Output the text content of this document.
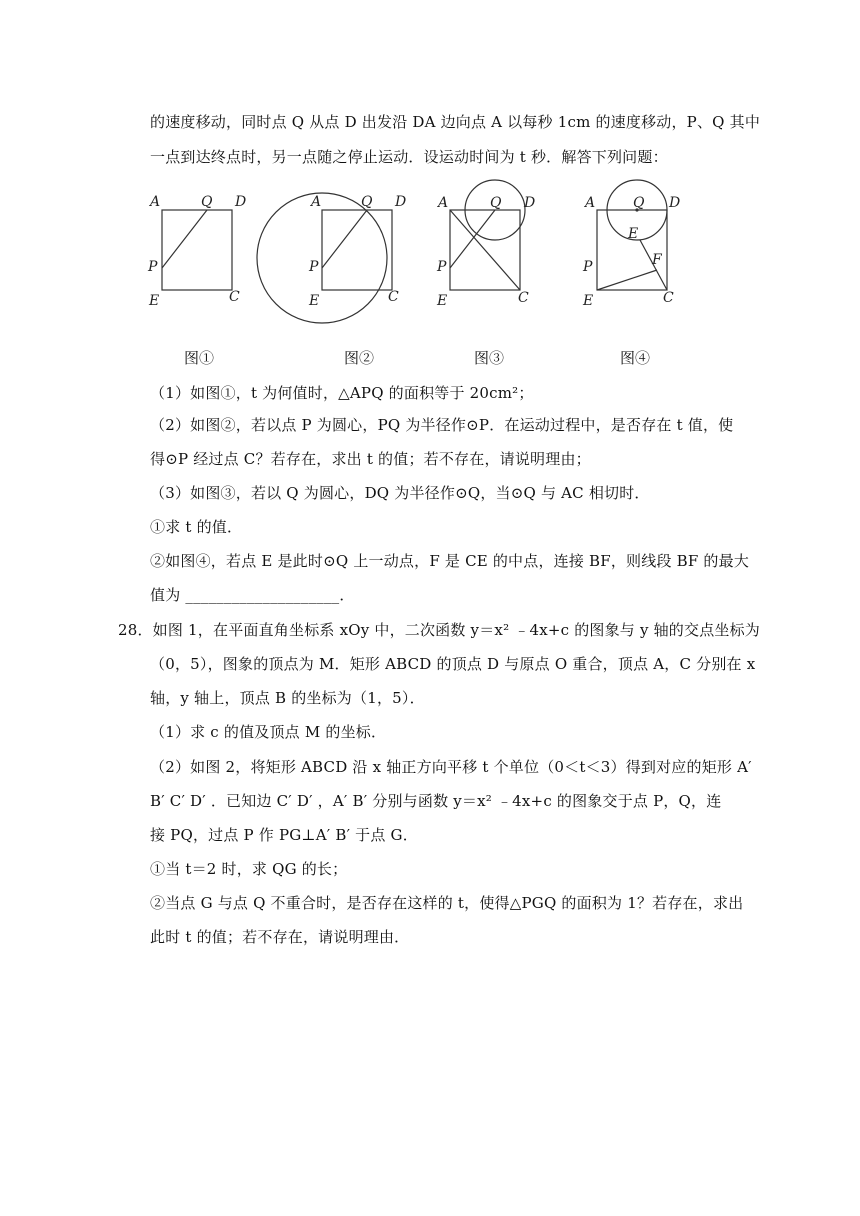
的速度移动，同时点 Q 从点 D 出发沿 DA 边向点 A 以每秒 1cm 的速度移动，P、Q 其中
一点到达终点时，另一点随之停止运动．设运动时间为 t 秒．解答下列问题：
A	Q D
P
E	C
A	Q D
P
E	C
A	Q D
P
E	C
A	Q D
E
F
P
E	C
图①	图②	图③	图④
（1）如图①，t 为何值时，△APQ 的面积等于 20cm²；
（2）如图②，若以点 P 为圆心，PQ 为半径作⊙P．在运动过程中，是否存在 t 值，使
得⊙P 经过点 C？若存在，求出 t 的值；若不存在，请说明理由；
（3）如图③，若以 Q 为圆心，DQ 为半径作⊙Q，当⊙Q 与 AC 相切时．
①求 t 的值．
②如图④，若点 E 是此时⊙Q 上一动点，F 是 CE 的中点，连接 BF，则线段 BF 的最大
值为 ____________________．
28．如图 1，在平面直角坐标系 xOy 中，二次函数 y＝x² ﹣4x+c 的图象与 y 轴的交点坐标为
（0，5），图象的顶点为 M．矩形 ABCD 的顶点 D 与原点 O 重合，顶点 A，C 分别在 x
轴，y 轴上，顶点 B 的坐标为（1，5）．
（1）求 c 的值及顶点 M 的坐标．
（2）如图 2，将矩形 ABCD 沿 x 轴正方向平移 t 个单位（0＜t＜3）得到对应的矩形 A′
B′ C′ D′ ．已知边 C′ D′ ，A′ B′ 分别与函数 y＝x² ﹣4x+c 的图象交于点 P，Q，连
接 PQ，过点 P 作 PG⊥A′ B′ 于点 G．
①当 t＝2 时，求 QG 的长；
②当点 G 与点 Q 不重合时，是否存在这样的 t，使得△PGQ 的面积为 1？若存在，求出
此时 t 的值；若不存在，请说明理由．
